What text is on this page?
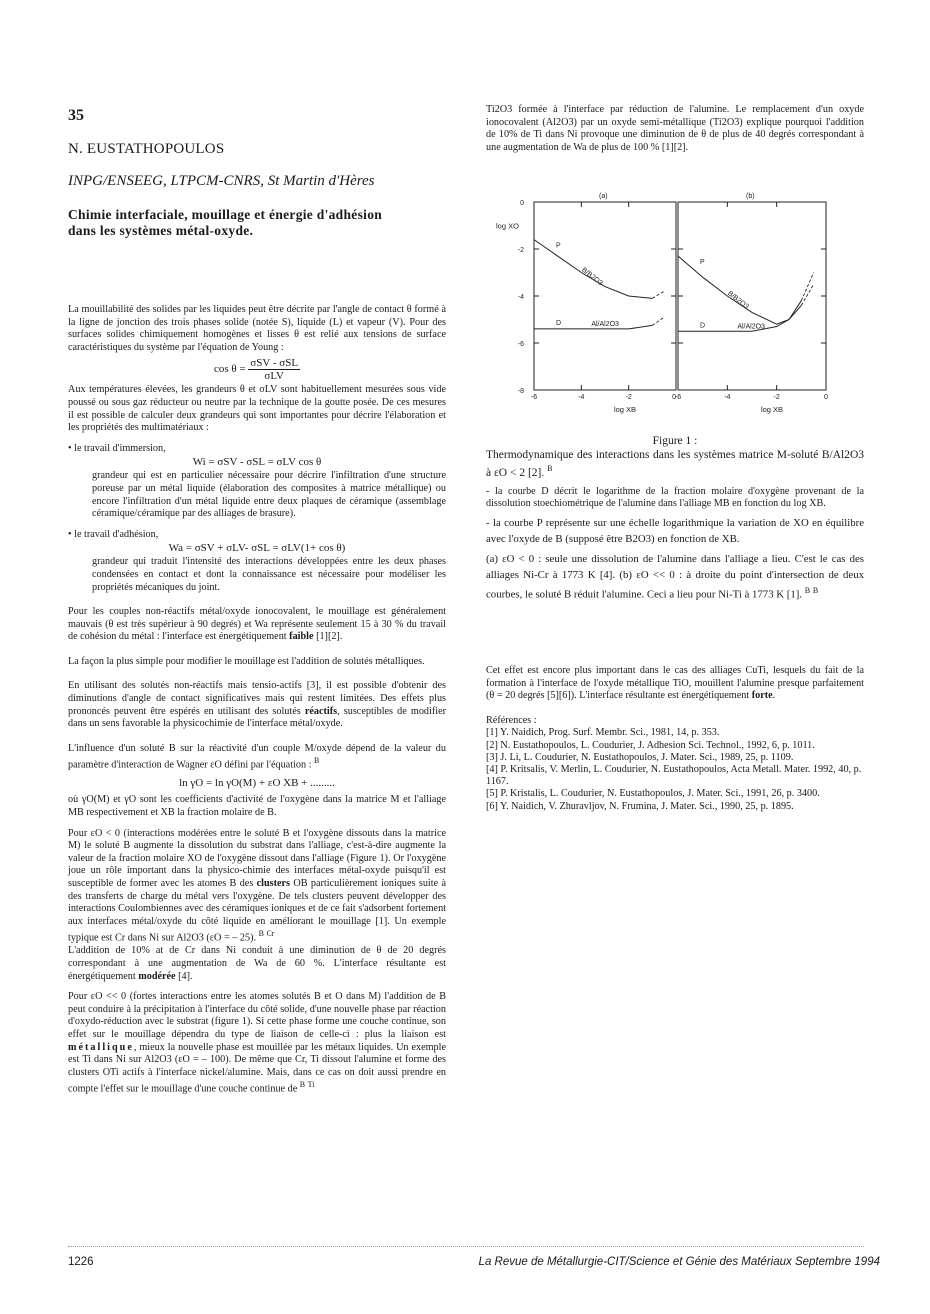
35
N. EUSTATHOPOULOS
INPG/ENSEEG, LTPCM-CNRS, St Martin d'Hères
Chimie interfaciale, mouillage et énergie d'adhésion
dans les systèmes métal-oxyde.

La mouillabilité des solides par les liquides peut être décrite par l'angle de contact θ formé à la ligne de jonction des trois phases solide (notée S), liquide (L) et vapeur (V). Pour des surfaces solides chimiquement homogènes et lisses θ est relié aux tensions de surface caractéristiques du système par l'équation de Young :

$\cos \theta = \frac{\text{σSV - σSL}}{\text{σLV}}$

Aux températures élevées, les grandeurs θ et σLV sont habituellement mesurées sous vide poussé ou sous gaz réducteur ou neutre par la technique de la goutte posée. De ces mesures il est possible de calculer deux grandeurs qui sont importantes pour décrire l'élaboration et les propriétés des multimatériaux :

• le travail d'immersion,

Wi = σSV - σSL = σLV cos θ

grandeur qui est en particulier nécessaire pour décrire l'infiltration d'une structure poreuse par un métal liquide (élaboration des composites à matrice métallique) ou encore l'infiltration d'un métal liquide entre deux plaques de céramique (assemblage céramique/céramique par des alliages de brasure).

• le travail d'adhésion,

Wa = σSV + σLV- σSL = σLV(1+ cos θ)

grandeur qui traduit l'intensité des interactions développées entre les deux phases condensées en contact et dont la connaissance est nécessaire pour modéliser les propriétés mécaniques du joint.

Pour les couples non-réactifs métal/oxyde ionocovalent, le mouillage est généralement mauvais (θ est très supérieur à 90 degrés) et Wa représente seulement 15 à 30 % du travail de cohésion du métal : l'interface est énergétiquement faible [1][2].

La façon la plus simple pour modifier le mouillage est l'addition de solutés métalliques.

En utilisant des solutés non-réactifs mais tensio-actifs [3], il est possible d'obtenir des diminutions d'angle de contact significatives mais qui restent limitées. Des effets plus prononcés peuvent être espérés en utilisant des solutés réactifs, susceptibles de modifier dans un sens favorable la physicochimie de l'interface métal/oxyde.

L'influence d'un soluté B sur la réactivité d'un couple M/oxyde dépend de la valeur du paramètre d'interaction de Wagner εO défini par l'équation : $^B$

ln γO = ln γO(M) + εO XB + .........

où γO(M) et γO sont les coefficients d'activité de l'oxygène dans la matrice M et l'alliage MB respectivement et XB la fraction molaire de B.

Pour εO < 0 (interactions modérées entre le soluté B et l'oxygène dissouts dans la matrice M) le soluté B augmente la dissolution du substrat dans l'alliage, c'est-à-dire augmente la valeur de la fraction molaire XO de l'oxygène dissout dans l'alliage (Figure 1). Or l'oxygène joue un rôle important dans la physico-chimie des interfaces métal-oxyde puisqu'il est susceptible de former avec les atomes B des clusters OB particulièrement ioniques suite à des transferts de charge du métal vers l'oxygène. De tels clusters peuvent développer des interactions Coulombiennes avec des céramiques ioniques et de ce fait s'adsorbent fortement aux interfaces métal/oxyde du côté liquide en améliorant le mouillage [1]. Un exemple typique est Cr dans Ni sur Al2O3 (εO = – 25). $^B$ $^{Cr}$

L'addition de 10% at de Cr dans Ni conduit à une diminution de θ de 20 degrés correspondant à une augmentation de Wa de 60 %. L'interface résultante est énergétiquement modérée [4].

Pour εO << 0 (fortes interactions entre les atomes solutés B et O dans M) l'addition de B peut conduire à la précipitation à l'interface du côté solide, d'une nouvelle phase par réaction d'oxydo-réduction avec le substrat (figure 1). Si cette phase forme une couche continue, son effet sur le mouillage dépendra du type de liaison de celle-ci : plus la liaison est métallique, mieux la nouvelle phase est mouillée par les métaux liquides. Un exemple est Ti dans Ni sur Al2O3 (εO = – 100). De même que Cr, Ti dissout l'alumine et forme des clusters OTi actifs à l'interface nickel/alumine. Mais, dans ce cas on doit aussi prendre en compte l'effet sur le mouillage d'une couche continue de $^B$ $^{Ti}$

Ti2O3 formée à l'interface par réduction de l'alumine. Le remplacement d'un oxyde ionocovalent (Al2O3) par un oxyde semi-métallique (Ti2O3) explique pourquoi l'addition de 10% de Ti dans Ni provoque une diminution de θ de plus de 40 degrés correspondant à une augmentation de Wa de plus de 100 % [1][2].

(a)	(b)
-6	-4	-2	0
log XB
-6	-4	-2	0
log XB
0
-2
-4
-6
-8
log XO
P
B/B2O3
D	Al/Al2O3
P
B/B2O3
D	Al/Al2O3
Figure 1 :
Thermodynamique des interactions dans les systèmes matrice M-soluté B/Al2O3 à εO < 2 [2]. $^B$

- la courbe D décrit le logarithme de la fraction molaire d'oxygène provenant de la dissolution stoechiométrique de l'alumine dans l'alliage MB en fonction du log XB.

- la courbe P représente sur une échelle logarithmique la variation de XO en équilibre avec l'oxyde de B (supposé être B2O3) en fonction de XB.

(a) εO < 0 : seule une dissolution de l'alumine dans l'alliage a lieu. C'est le cas des alliages Ni-Cr à 1773 K [4]. (b) εO << 0 : à droite du point d'intersection de deux courbes, le soluté B réduit l'alumine. Ceci a lieu pour Ni-Ti à 1773 K [1]. $^B$ $^B$

Cet effet est encore plus important dans le cas des alliages CuTi, lesquels du fait de la formation à l'interface de l'oxyde métallique TiO, mouillent l'alumine presque parfaitement (θ = 20 degrés [5][6]). L'interface résultante est énergétiquement forte.

Références :

[1] Y. Naidich, Prog. Surf. Membr. Sci., 1981, 14, p. 353.

[2] N. Eustathopoulos, L. Coudurier, J. Adhesion Sci. Technol., 1992, 6, p. 1011.

[3] J. Li, L. Coudurier, N. Eustathopoulos, J. Mater. Sci., 1989, 25, p. 1109.

[4] P. Kritsalis, V. Merlin, L. Coudurier, N. Eustathopoulos, Acta Metall. Mater. 1992, 40, p. 1167.

[5] P. Kristalis, L. Coudurier, N. Eustathopoulos, J. Mater. Sci., 1991, 26, p. 3400.

[6] Y. Naidich, V. Zhuravljov, N. Frumina, J. Mater. Sci., 1990, 25, p. 1895.

1226	La Revue de Métallurgie-CIT/Science et Génie des Matériaux Septembre 1994
